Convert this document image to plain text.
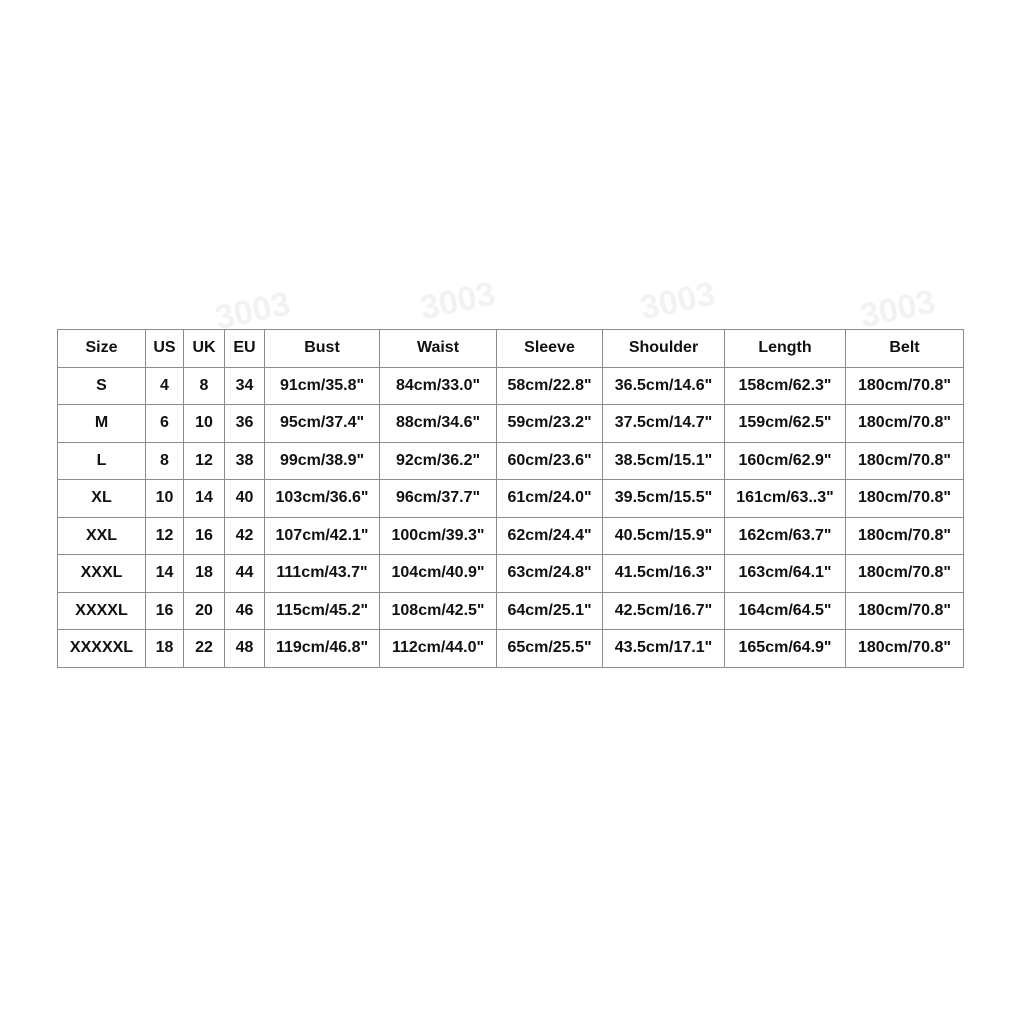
3003	3003	3003	3003
Size	US	UK	EU	Bust	Waist	Sleeve	Shoulder	Length	Belt
S	4	8	34	91cm/35.8"	84cm/33.0"	58cm/22.8"	36.5cm/14.6"	158cm/62.3"	180cm/70.8"
M	6	10	36	95cm/37.4"	88cm/34.6"	59cm/23.2"	37.5cm/14.7"	159cm/62.5"	180cm/70.8"
L	8	12	38	99cm/38.9"	92cm/36.2"	60cm/23.6"	38.5cm/15.1"	160cm/62.9"	180cm/70.8"
XL	10	14	40	103cm/36.6"	96cm/37.7"	61cm/24.0"	39.5cm/15.5"	161cm/63..3"	180cm/70.8"
XXL	12	16	42	107cm/42.1"	100cm/39.3"	62cm/24.4"	40.5cm/15.9"	162cm/63.7"	180cm/70.8"
XXXL	14	18	44	111cm/43.7"	104cm/40.9"	63cm/24.8"	41.5cm/16.3"	163cm/64.1"	180cm/70.8"
XXXXL	16	20	46	115cm/45.2"	108cm/42.5"	64cm/25.1"	42.5cm/16.7"	164cm/64.5"	180cm/70.8"
XXXXXL	18	22	48	119cm/46.8"	112cm/44.0"	65cm/25.5"	43.5cm/17.1"	165cm/64.9"	180cm/70.8"
